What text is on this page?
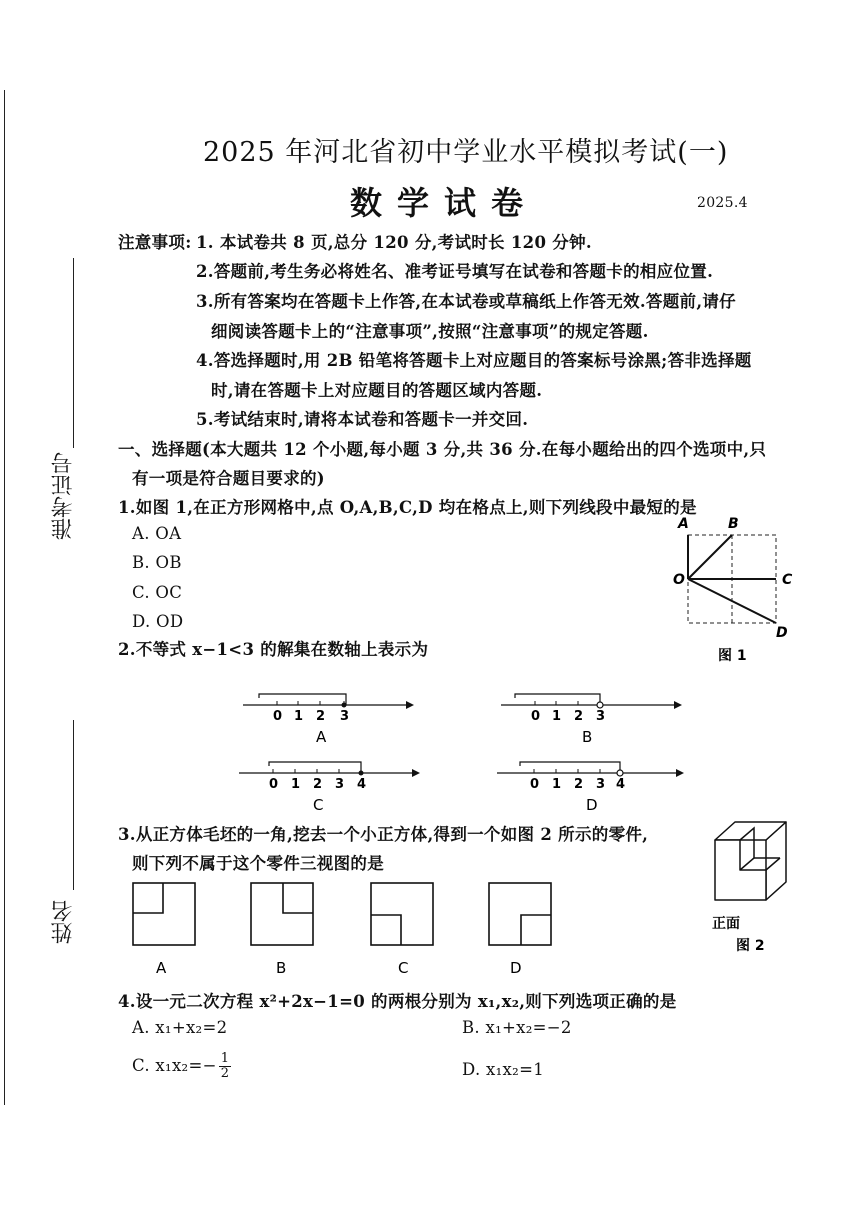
准考证号
姓名
2025 年河北省初中学业水平模拟考试(一)
数学试卷	2025.4
注意事项: 1. 本试卷共 8 页,总分 120 分,考试时长 120 分钟.
2.答题前,考生务必将姓名、准考证号填写在试卷和答题卡的相应位置.
3.所有答案均在答题卡上作答,在本试卷或草稿纸上作答无效.答题前,请仔
细阅读答题卡上的“注意事项”,按照“注意事项”的规定答题.
4.答选择题时,用 2B 铅笔将答题卡上对应题目的答案标号涂黑;答非选择题
时,请在答题卡上对应题目的答题区域内答题.
5.考试结束时,请将本试卷和答题卡一并交回.
一、选择题(本大题共 12 个小题,每小题 3 分,共 36 分.在每小题给出的四个选项中,只
有一项是符合题目要求的)
1.如图 1,在正方形网格中,点 O,A,B,C,D 均在格点上,则下列线段中最短的是
A. OA
B. OB
C. OC
D. OD
A	B
O	C
D
图 1
2.不等式 x−1<3 的解集在数轴上表示为
0 1 2 3
A
0 1 2 3
B
0 1 2 3 4
C
0 1 2 3 4
D
3.从正方体毛坯的一角,挖去一个小正方体,得到一个如图 2 所示的零件,
则下列不属于这个零件三视图的是
A	B	C	D
正面
图 2
4.设一元二次方程 x²+2x−1=0 的两根分别为 x₁,x₂,则下列选项正确的是
A. x₁+x₂=2	B. x₁+x₂=−2
C. $x_1x_2=- \frac{1}{2}$	D. x₁x₂=1
